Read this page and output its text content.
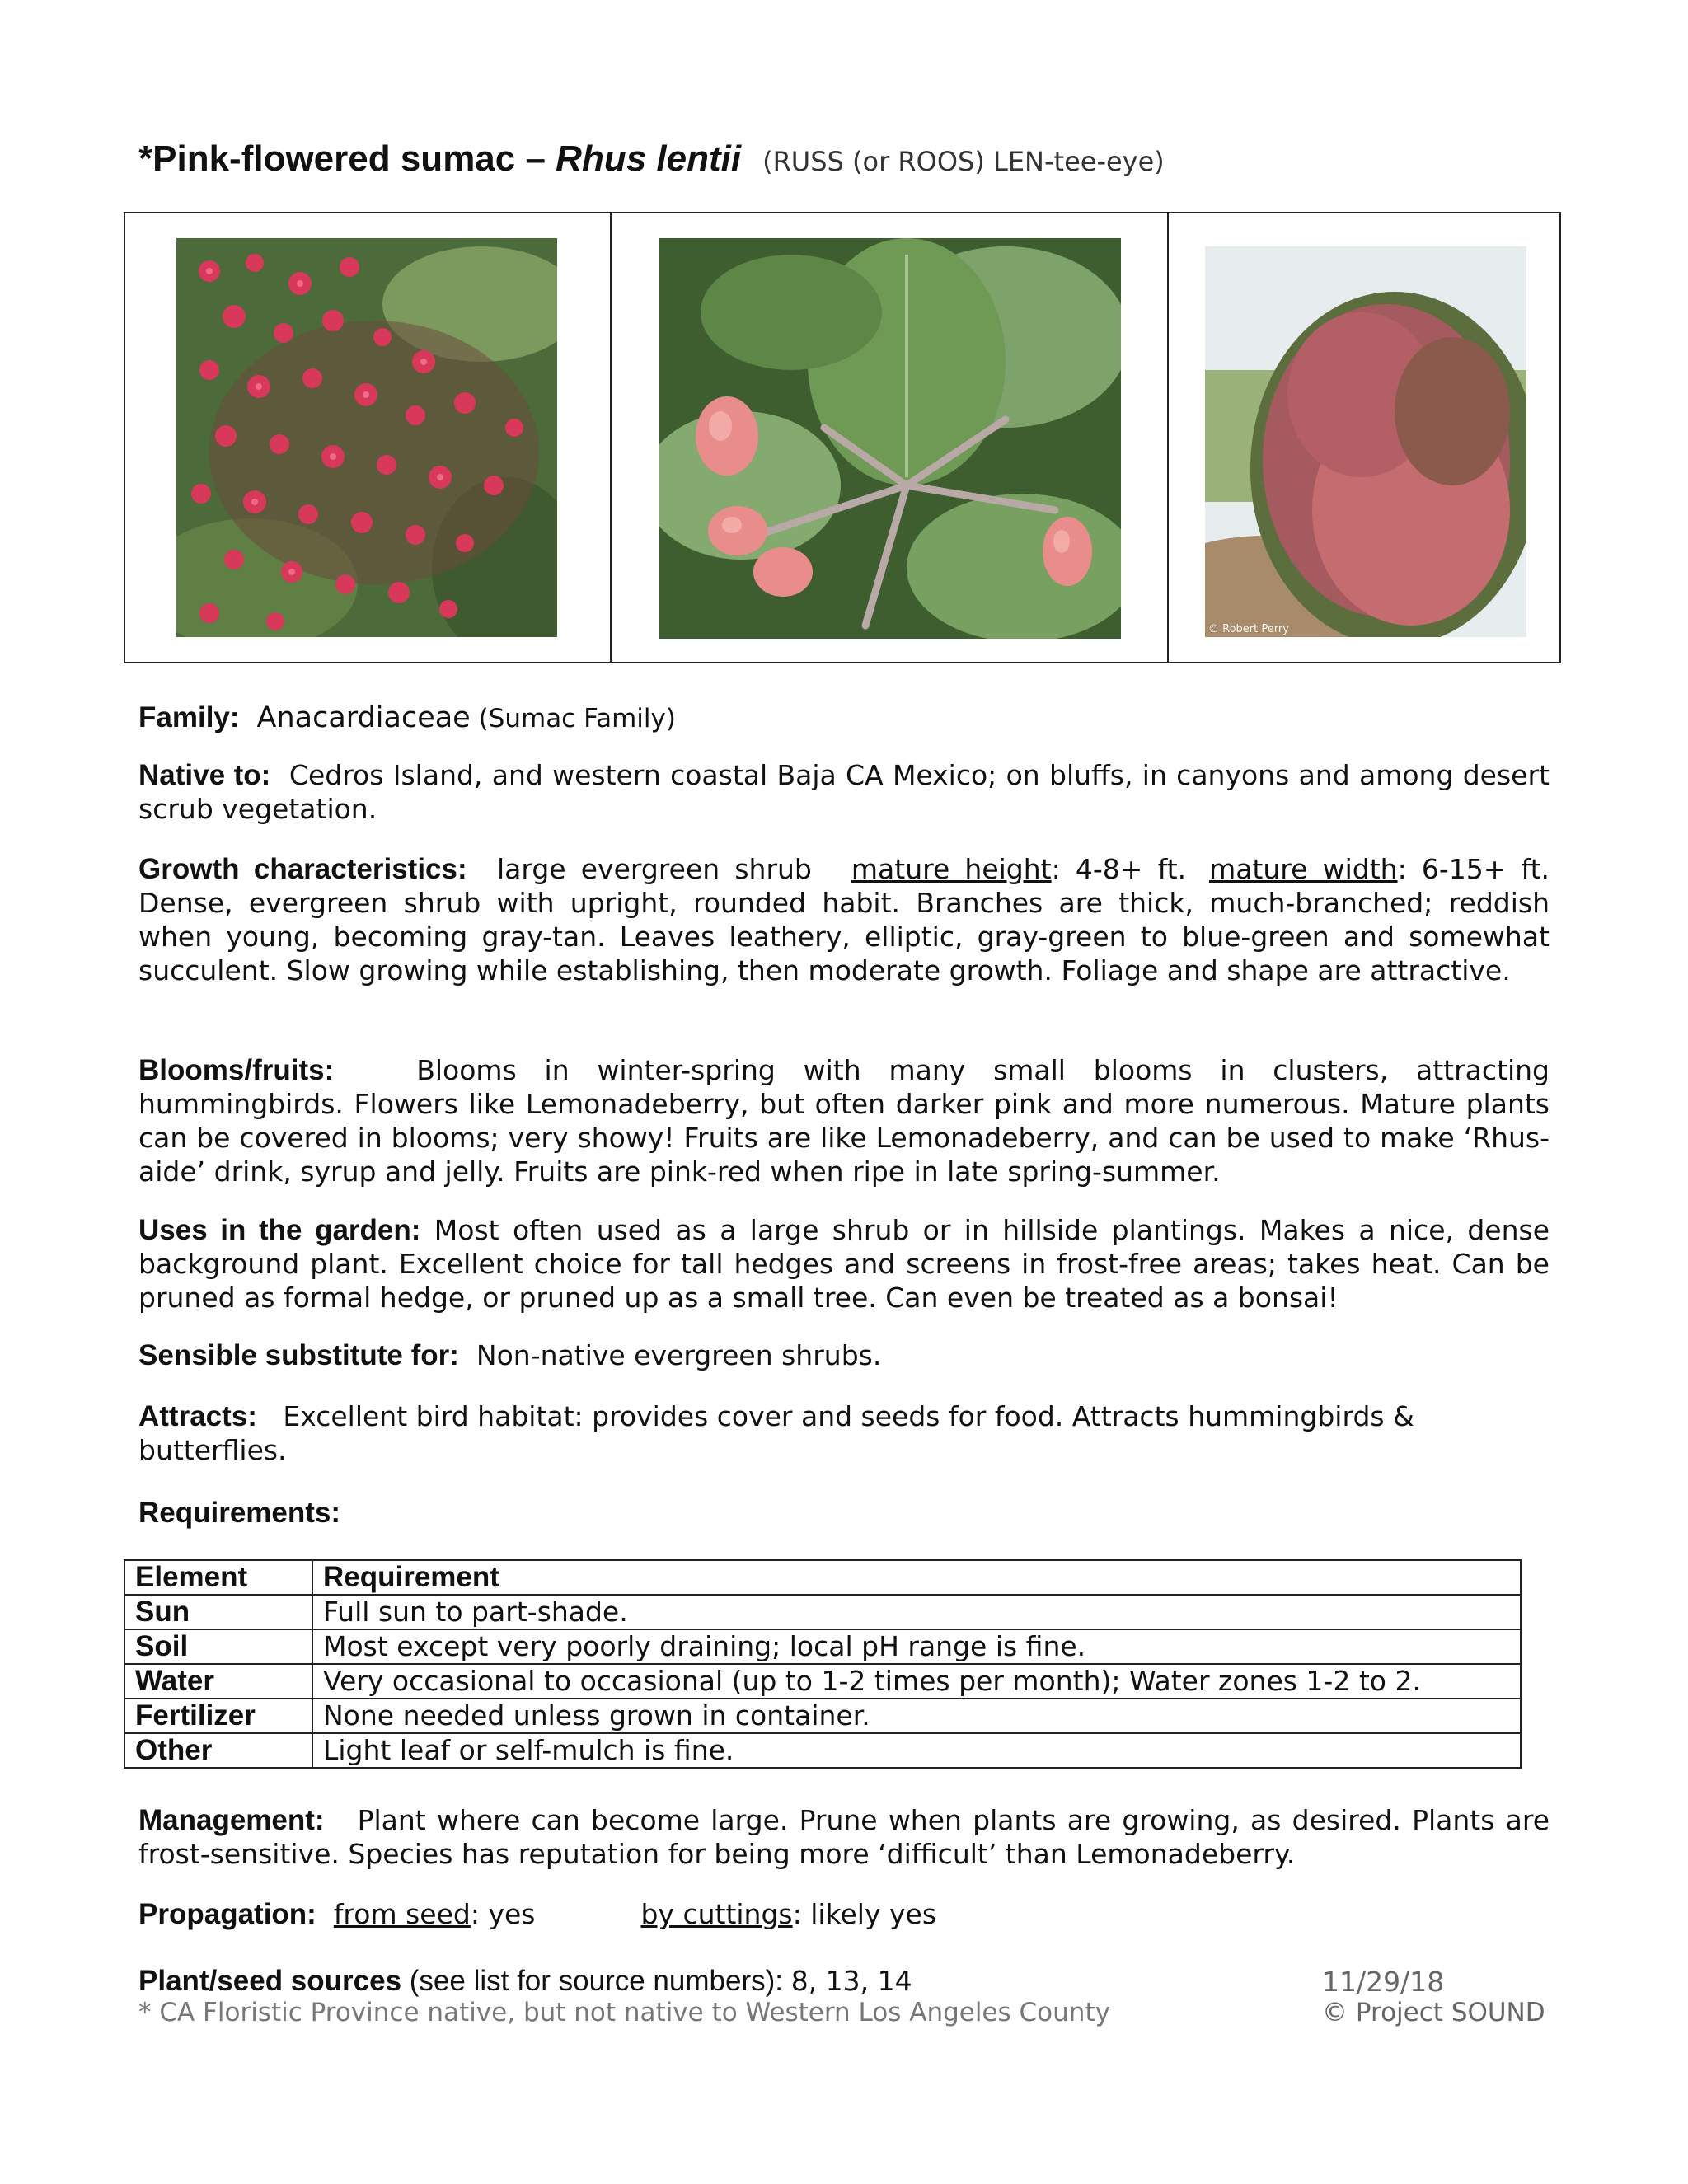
*Pink-flowered sumac – Rhus lentii (RUSS (or ROOS) LEN-tee-eye)
© Robert Perry
Family: Anacardiaceae (Sumac Family)
Native to: Cedros Island, and western coastal Baja CA Mexico; on bluffs, in canyons and among desert scrub vegetation.
Growth characteristics: large evergreen shrub mature height: 4-8+ ft. mature width: 6-15+ ft. Dense, evergreen shrub with upright, rounded habit. Branches are thick, much-branched; reddish when young, becoming gray-tan. Leaves leathery, elliptic, gray-green to blue-green and somewhat succulent. Slow growing while establishing, then moderate growth. Foliage and shape are attractive.
Blooms/fruits:	Blooms in winter-spring with many small blooms in clusters, attracting hummingbirds. Flowers like Lemonadeberry, but often darker pink and more numerous. Mature plants can be covered in blooms; very showy! Fruits are like Lemonadeberry, and can be used to make ‘Rhus-aide’ drink, syrup and jelly. Fruits are pink-red when ripe in late spring-summer.
Uses in the garden: Most often used as a large shrub or in hillside plantings. Makes a nice, dense background plant. Excellent choice for tall hedges and screens in frost-free areas; takes heat. Can be pruned as formal hedge, or pruned up as a small tree. Can even be treated as a bonsai!
Sensible substitute for: Non-native evergreen shrubs.
Attracts: Excellent bird habitat: provides cover and seeds for food. Attracts hummingbirds & butterflies.
Requirements:
Element	Requirement
Sun	Full sun to part-shade.
Soil	Most except very poorly draining; local pH range is fine.
Water	Very occasional to occasional (up to 1-2 times per month); Water zones 1-2 to 2.
Fertilizer	None needed unless grown in container.
Other	Light leaf or self-mulch is fine.
Management: Plant where can become large. Prune when plants are growing, as desired. Plants are frost-sensitive. Species has reputation for being more ‘difficult’ than Lemonadeberry.
Propagation: from seed: yes	by cuttings: likely yes
Plant/seed sources (see list for source numbers): 8, 13, 14	11/29/18
* CA Floristic Province native, but not native to Western Los Angeles County	© Project SOUND
